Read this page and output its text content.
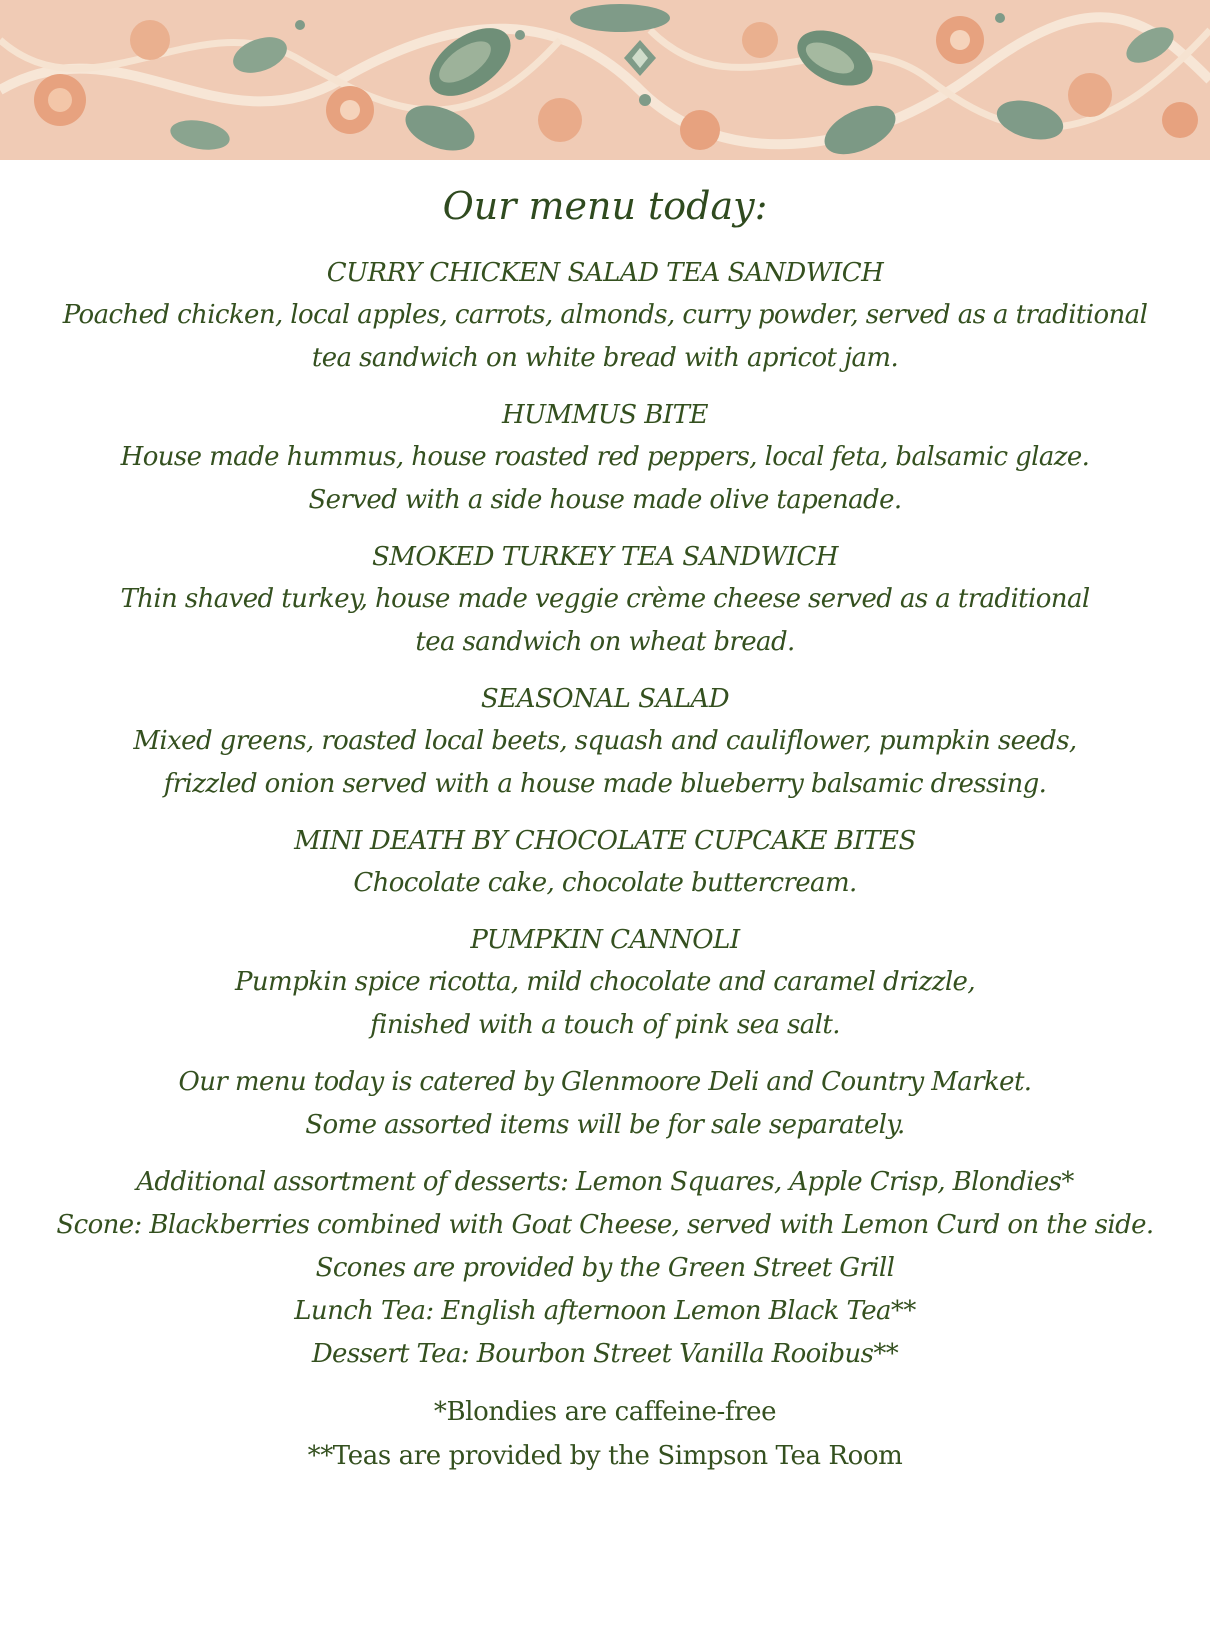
Our menu today:
CURRY CHICKEN SALAD TEA SANDWICH
Poached chicken, local apples, carrots, almonds, curry powder, served as a traditional
tea sandwich on white bread with apricot jam.
HUMMUS BITE
House made hummus, house roasted red peppers, local feta, balsamic glaze.
Served with a side house made olive tapenade.
SMOKED TURKEY TEA SANDWICH
Thin shaved turkey, house made veggie crème cheese served as a traditional
tea sandwich on wheat bread.
SEASONAL SALAD
Mixed greens, roasted local beets, squash and cauliflower, pumpkin seeds,
frizzled onion served with a house made blueberry balsamic dressing.
MINI DEATH BY CHOCOLATE CUPCAKE BITES
Chocolate cake, chocolate buttercream.
PUMPKIN CANNOLI
Pumpkin spice ricotta, mild chocolate and caramel drizzle,
finished with a touch of pink sea salt.
Our menu today is catered by Glenmoore Deli and Country Market.
Some assorted items will be for sale separately.
Additional assortment of desserts: Lemon Squares, Apple Crisp, Blondies*
Scone: Blackberries combined with Goat Cheese, served with Lemon Curd on the side.
Scones are provided by the Green Street Grill
Lunch Tea: English afternoon Lemon Black Tea**
Dessert Tea: Bourbon Street Vanilla Rooibus**
*Blondies are caffeine-free
**Teas are provided by the Simpson Tea Room
